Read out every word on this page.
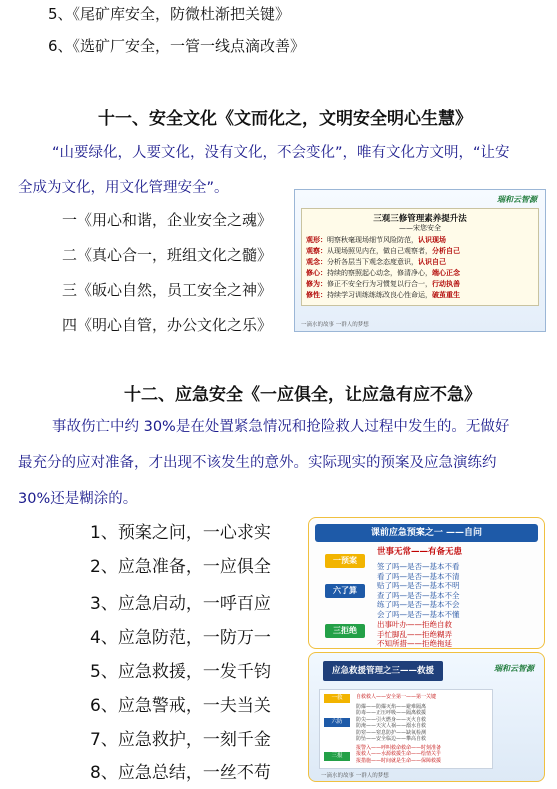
5、《尾矿库安全，防微杜渐把关键》
6、《选矿厂安全，一管一线点滴改善》
十一、安全文化《文而化之，文明安全明心生慧》
“山要绿化，人要文化，没有文化，不会变化”，唯有文化方文明，“让安
全成为文化，用文化管理安全”。
一《用心和谐，企业安全之魂》
二《真心合一，班组文化之髓》
三《皈心自然，员工安全之神》
四《明心自管，办公文化之乐》
瑞和云智源
三观三修管理素养提升法
——宋您安全
观形：明察秋毫现场细节风险防范，认识现场
观察：从现场照见内在，做自己观察者，分析自己
观念：分析各层当下观念态度意识，认识自己
修心：持续的察照起心动念，修清净心，端心正念
修为：修正不安全行为习惯复以行合一，行动执善
修性：持续学习训练练练改良心性命运，破茧重生
一滴水的故事 一群人的梦想
十二、应急安全《一应俱全，让应急有应不急》
事故伤亡中约 30%是在处置紧急情况和抢险救人过程中发生的。无做好
最充分的应对准备，才出现不该发生的意外。实际现实的预案及应急演练约
30%还是糊涂的。
1、预案之问，一心求实
2、应急准备，一应俱全
3、应急启动，一呼百应
4、应急防范，一防万一
5、应急救援，一发千钧
6、应急警戒，一夫当关
7、应急救护，一刻千金
8、应急总结，一丝不苟
课前应急预案之一 ——自问
一预案
六了算
三拒绝
世事无常——有备无患
签了吗—是否—基本不看
看了吗—是否—基本不清
贴了吗—是否—基本不明
查了吗—是否—基本不全
练了吗—是否—基本不会
会了吗—是否—基本不懂
出事叶办——拒绝自救
手忙脚乱——拒绝糊弄
不知所措——拒绝拖延
应急救援管理之三——救援	瑞和云智源
一救
六防
三报
自救救人——安全第一——第一关键
防爆——防爆灭焰——避难隔离
防毒——正压呼吸——隔离救援
防尖——引火燃身——灭火自救
防淹——天灾人祸——溺水自救
防窒——窒息防护——缺氧检测
防坠——安全临边——攀高自救
报警入——呼叫救命救命——时刻准备
报救人——水源救援生命——绘情关乎
报措施——时间就是生命——保障救援
一滴水的故事 一群人的梦想
